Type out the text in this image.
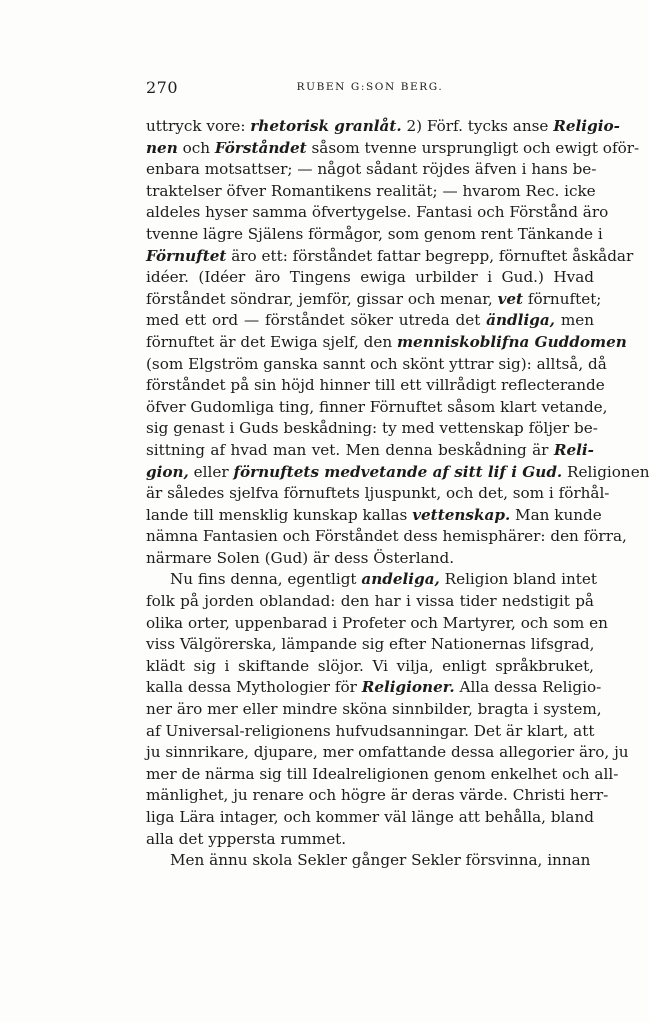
270	RUBEN G:SON BERG.
uttryck vore: rhetorisk granlåt. 2) Förf. tycks anse Religio-
nen och Förståndet såsom tvenne ursprungligt och ewigt oför-
enbara motsattser; — något sådant röjdes äfven i hans be-
traktelser öfver Romantikens realität; — hvarom Rec. icke
aldeles hyser samma öfvertygelse. Fantasi och Förstånd äro
tvenne lägre Själens förmågor, som genom rent Tänkande i
Förnuftet äro ett: förståndet fattar begrepp, förnuftet åskådar
idéer. (Idéer äro Tingens ewiga urbilder i Gud.) Hvad
förståndet söndrar, jemför, gissar och menar, vet förnuftet;
med ett ord — förståndet söker utreda det ändliga, men
förnuftet är det Ewiga sjelf, den menniskoblifna Guddomen
(som Elgström ganska sannt och skönt yttrar sig): alltså, då
förståndet på sin höjd hinner till ett villrådigt reflecterande
öfver Gudomliga ting, finner Förnuftet såsom klart vetande,
sig genast i Guds beskådning: ty med vettenskap följer be-
sittning af hvad man vet. Men denna beskådning är Reli-
gion, eller förnuftets medvetande af sitt lif i Gud. Religionen
är således sjelfva förnuftets ljuspunkt, och det, som i förhål-
lande till mensklig kunskap kallas vettenskap. Man kunde
nämna Fantasien och Förståndet dess hemisphärer: den förra,
närmare Solen (Gud) är dess Österland.
Nu fins denna, egentligt andeliga, Religion bland intet
folk på jorden oblandad: den har i vissa tider nedstigit på
olika orter, uppenbarad i Profeter och Martyrer, och som en
viss Välgörerska, lämpande sig efter Nationernas lifsgrad,
klädt sig i skiftande slöjor. Vi vilja, enligt språkbruket,
kalla dessa Mythologier för Religioner. Alla dessa Religio-
ner äro mer eller mindre sköna sinnbilder, bragta i system,
af Universal-religionens hufvudsanningar. Det är klart, att
ju sinnrikare, djupare, mer omfattande dessa allegorier äro, ju
mer de närma sig till Idealreligionen genom enkelhet och all-
mänlighet, ju renare och högre är deras värde. Christi herr-
liga Lära intager, och kommer väl länge att behålla, bland
alla det yppersta rummet.
Men ännu skola Sekler gånger Sekler försvinna, innan
